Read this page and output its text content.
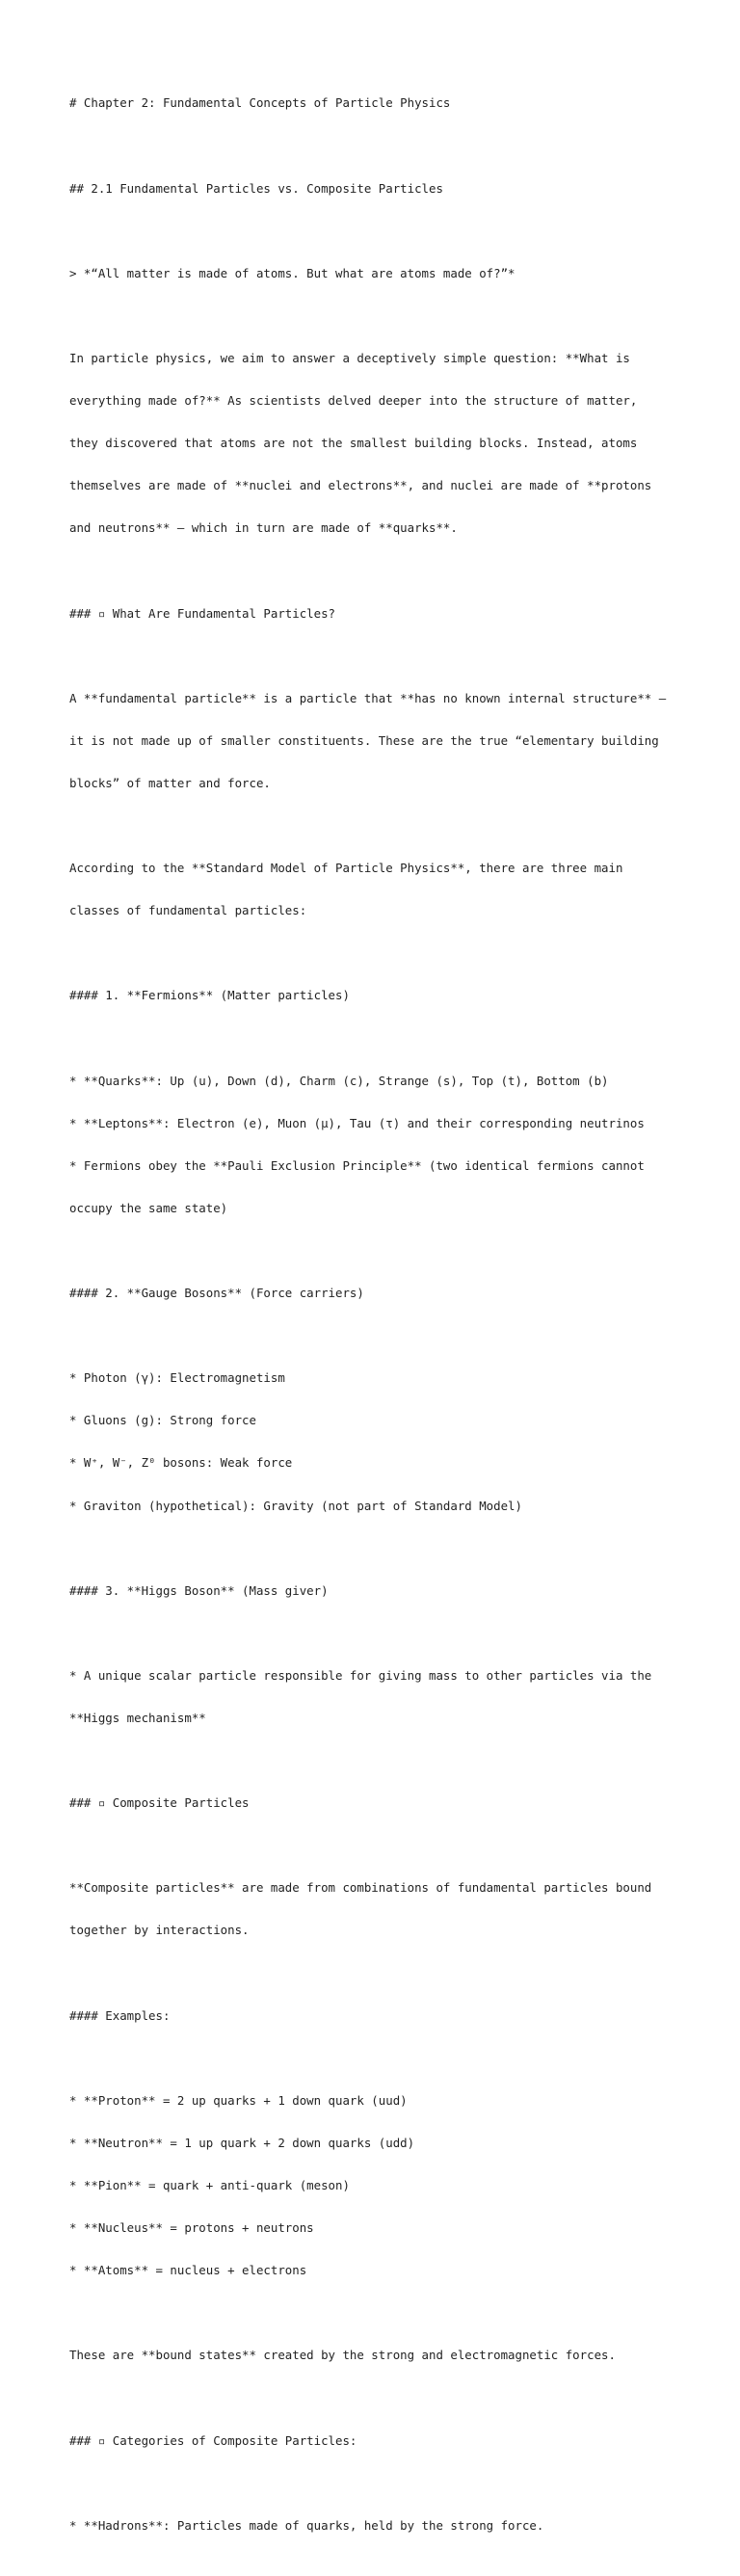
# Chapter 2: Fundamental Concepts of Particle Physics

## 2.1 Fundamental Particles vs. Composite Particles

> *“All matter is made of atoms. But what are atoms made of?”*

In particle physics, we aim to answer a deceptively simple question: **What is

everything made of?** As scientists delved deeper into the structure of matter,

they discovered that atoms are not the smallest building blocks. Instead, atoms

themselves are made of **nuclei and electrons**, and nuclei are made of **protons

and neutrons** — which in turn are made of **quarks**.

### ▫ What Are Fundamental Particles?

A **fundamental particle** is a particle that **has no known internal structure** —

it is not made up of smaller constituents. These are the true “elementary building

blocks” of matter and force.

According to the **Standard Model of Particle Physics**, there are three main

classes of fundamental particles:

#### 1. **Fermions** (Matter particles)

* **Quarks**: Up (u), Down (d), Charm (c), Strange (s), Top (t), Bottom (b)

* **Leptons**: Electron (e), Muon (μ), Tau (τ) and their corresponding neutrinos

* Fermions obey the **Pauli Exclusion Principle** (two identical fermions cannot

occupy the same state)

#### 2. **Gauge Bosons** (Force carriers)

* Photon (γ): Electromagnetism

* Gluons (g): Strong force

* W⁺, W⁻, Z⁰ bosons: Weak force

* Graviton (hypothetical): Gravity (not part of Standard Model)

#### 3. **Higgs Boson** (Mass giver)

* A unique scalar particle responsible for giving mass to other particles via the

**Higgs mechanism**

### ▫ Composite Particles

**Composite particles** are made from combinations of fundamental particles bound

together by interactions.

#### Examples:

* **Proton** = 2 up quarks + 1 down quark (uud)

* **Neutron** = 1 up quark + 2 down quarks (udd)

* **Pion** = quark + anti-quark (meson)

* **Nucleus** = protons + neutrons

* **Atoms** = nucleus + electrons

These are **bound states** created by the strong and electromagnetic forces.

### ▫ Categories of Composite Particles:

* **Hadrons**: Particles made of quarks, held by the strong force.
